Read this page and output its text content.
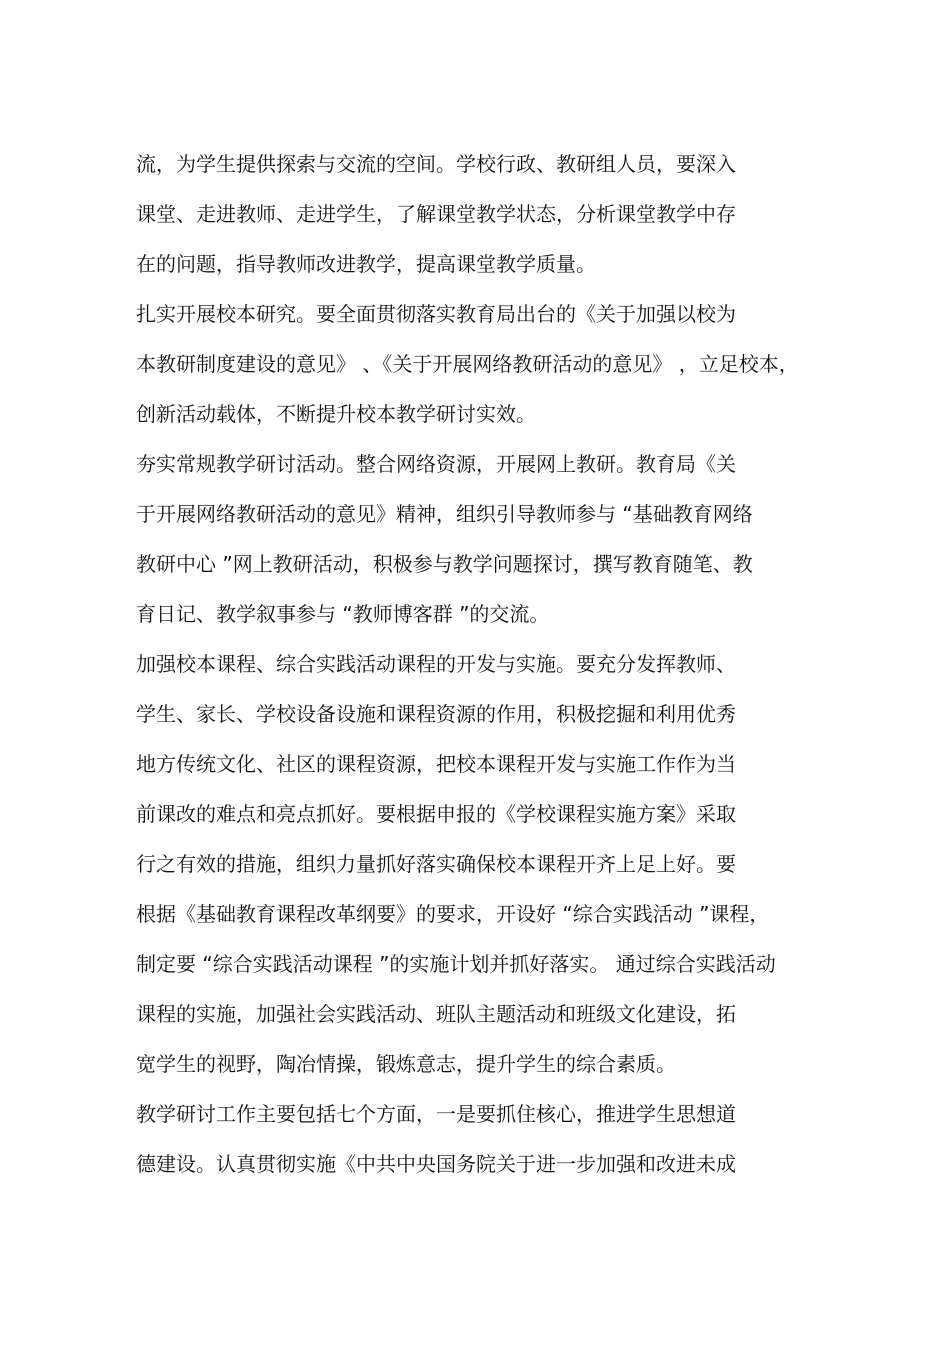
流，为学生提供探索与交流的空间。学校行政、教研组人员，要深入
课堂、走进教师、走进学生，了解课堂教学状态，分析课堂教学中存
在的问题，指导教师改进教学，提高课堂教学质量。
扎实开展校本研究。要全面贯彻落实教育局出台的《关于加强以校为
本教研制度建设的意见》 、《关于开展网络教研活动的意见》 ，立足校本，
创新活动载体，不断提升校本教学研讨实效。
夯实常规教学研讨活动。整合网络资源，开展网上教研。教育局《关
于开展网络教研活动的意见》精神，组织引导教师参与 “基础教育网络
教研中心 ”网上教研活动，积极参与教学问题探讨，撰写教育随笔、教
育日记、教学叙事参与 “教师博客群 ”的交流。
加强校本课程、综合实践活动课程的开发与实施。要充分发挥教师、
学生、家长、学校设备设施和课程资源的作用，积极挖掘和利用优秀
地方传统文化、社区的课程资源，把校本课程开发与实施工作作为当
前课改的难点和亮点抓好。要根据申报的《学校课程实施方案》采取
行之有效的措施，组织力量抓好落实确保校本课程开齐上足上好。要
根据《基础教育课程改革纲要》的要求，开设好 “综合实践活动 ”课程，
制定要 “综合实践活动课程 ”的实施计划并抓好落实。 通过综合实践活动
课程的实施，加强社会实践活动、班队主题活动和班级文化建设，拓
宽学生的视野，陶冶情操，锻炼意志，提升学生的综合素质。
教学研讨工作主要包括七个方面，一是要抓住核心，推进学生思想道
德建设。认真贯彻实施《中共中央国务院关于进一步加强和改进未成
